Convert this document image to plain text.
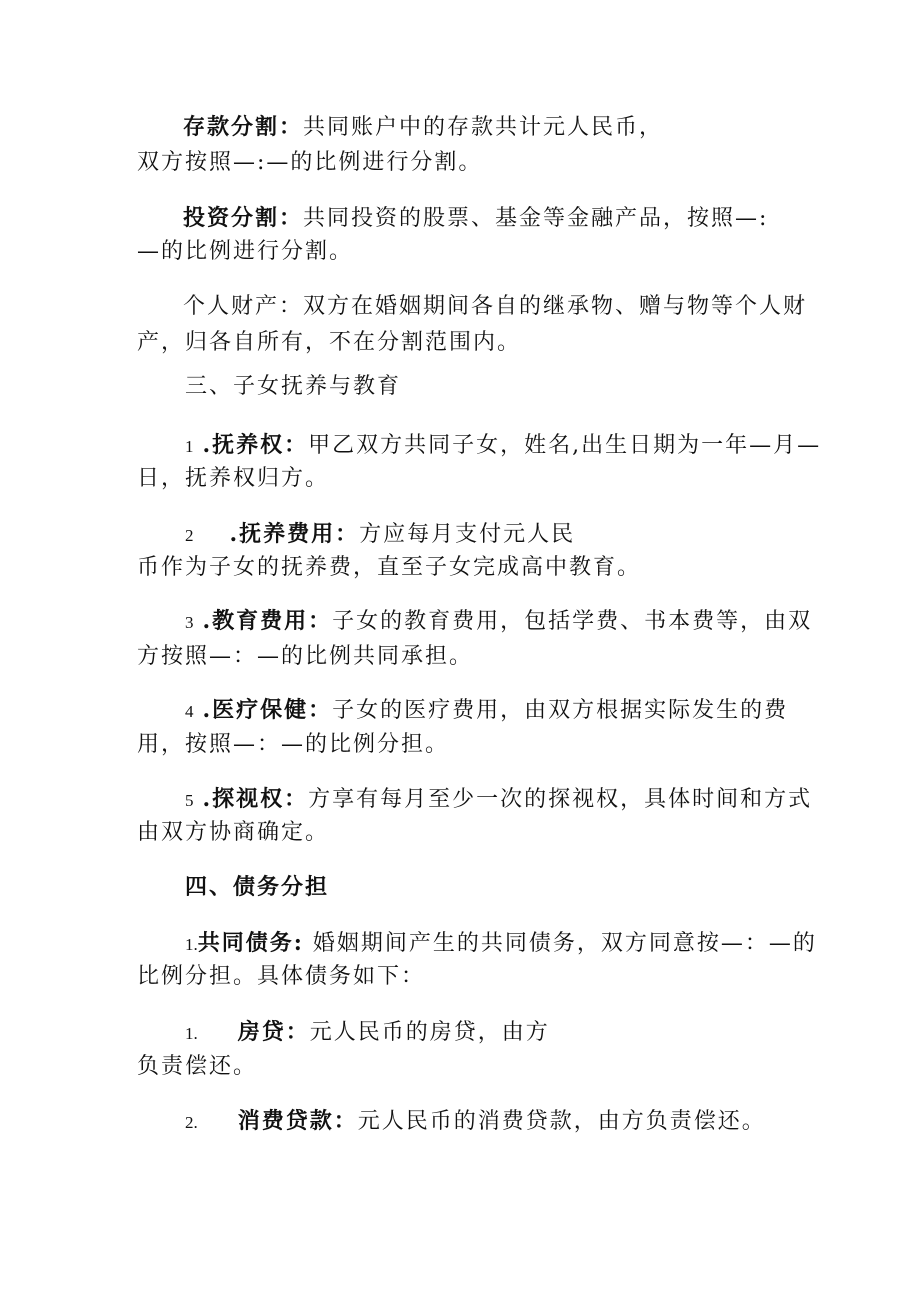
存款分割：共同账户中的存款共计元人民币，
双方按照—:—的比例进行分割。
投资分割：共同投资的股票、基金等金融产品，按照—:
—的比例进行分割。
个人财产：双方在婚姻期间各自的继承物、赠与物等个人财
产，归各自所有，不在分割范围内。
三、子女抚养与教育
1 .抚养权：甲乙双方共同子女，姓名,出生日期为一年—月—
日，抚养权归方。
2 .抚养费用：方应每月支付元人民
币作为子女的抚养费，直至子女完成高中教育。
3 .教育费用：子女的教育费用，包括学费、书本费等，由双
方按照—：—的比例共同承担。
4 .医疗保健：子女的医疗费用，由双方根据实际发生的费
用，按照—：—的比例分担。
5 .探视权：方享有每月至少一次的探视权，具体时间和方式
由双方协商确定。
四、债务分担
1.共同债务: 婚姻期间产生的共同债务，双方同意按—：—的
比例分担。具体债务如下：
1. 房贷：元人民币的房贷，由方
负责偿还。
2. 消费贷款：元人民币的消费贷款，由方负责偿还。
